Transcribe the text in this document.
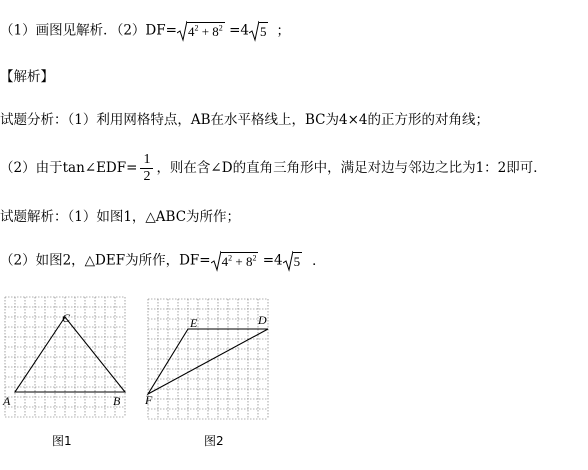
（1）画图见解析．$(2)DF= 4^2 + 8^2 =4$ 5 ；
【解析】
试题分析：（1）利用网格特点，AB在水平格线上，BC为4×4的正方形的对角线；
（2）由于tan∠EDF= $\frac{1}{2}$ ，则在含∠D的直角三角形中，满足对边与邻边之比为1：2即可．
试题解析：（1）如图1，△ABC为所作；
（2）如图2，△DEF为所作，$DF= 4^2 + 8^2 =4$ 5 ．
C
A	B
图1
E	D
F
图2
